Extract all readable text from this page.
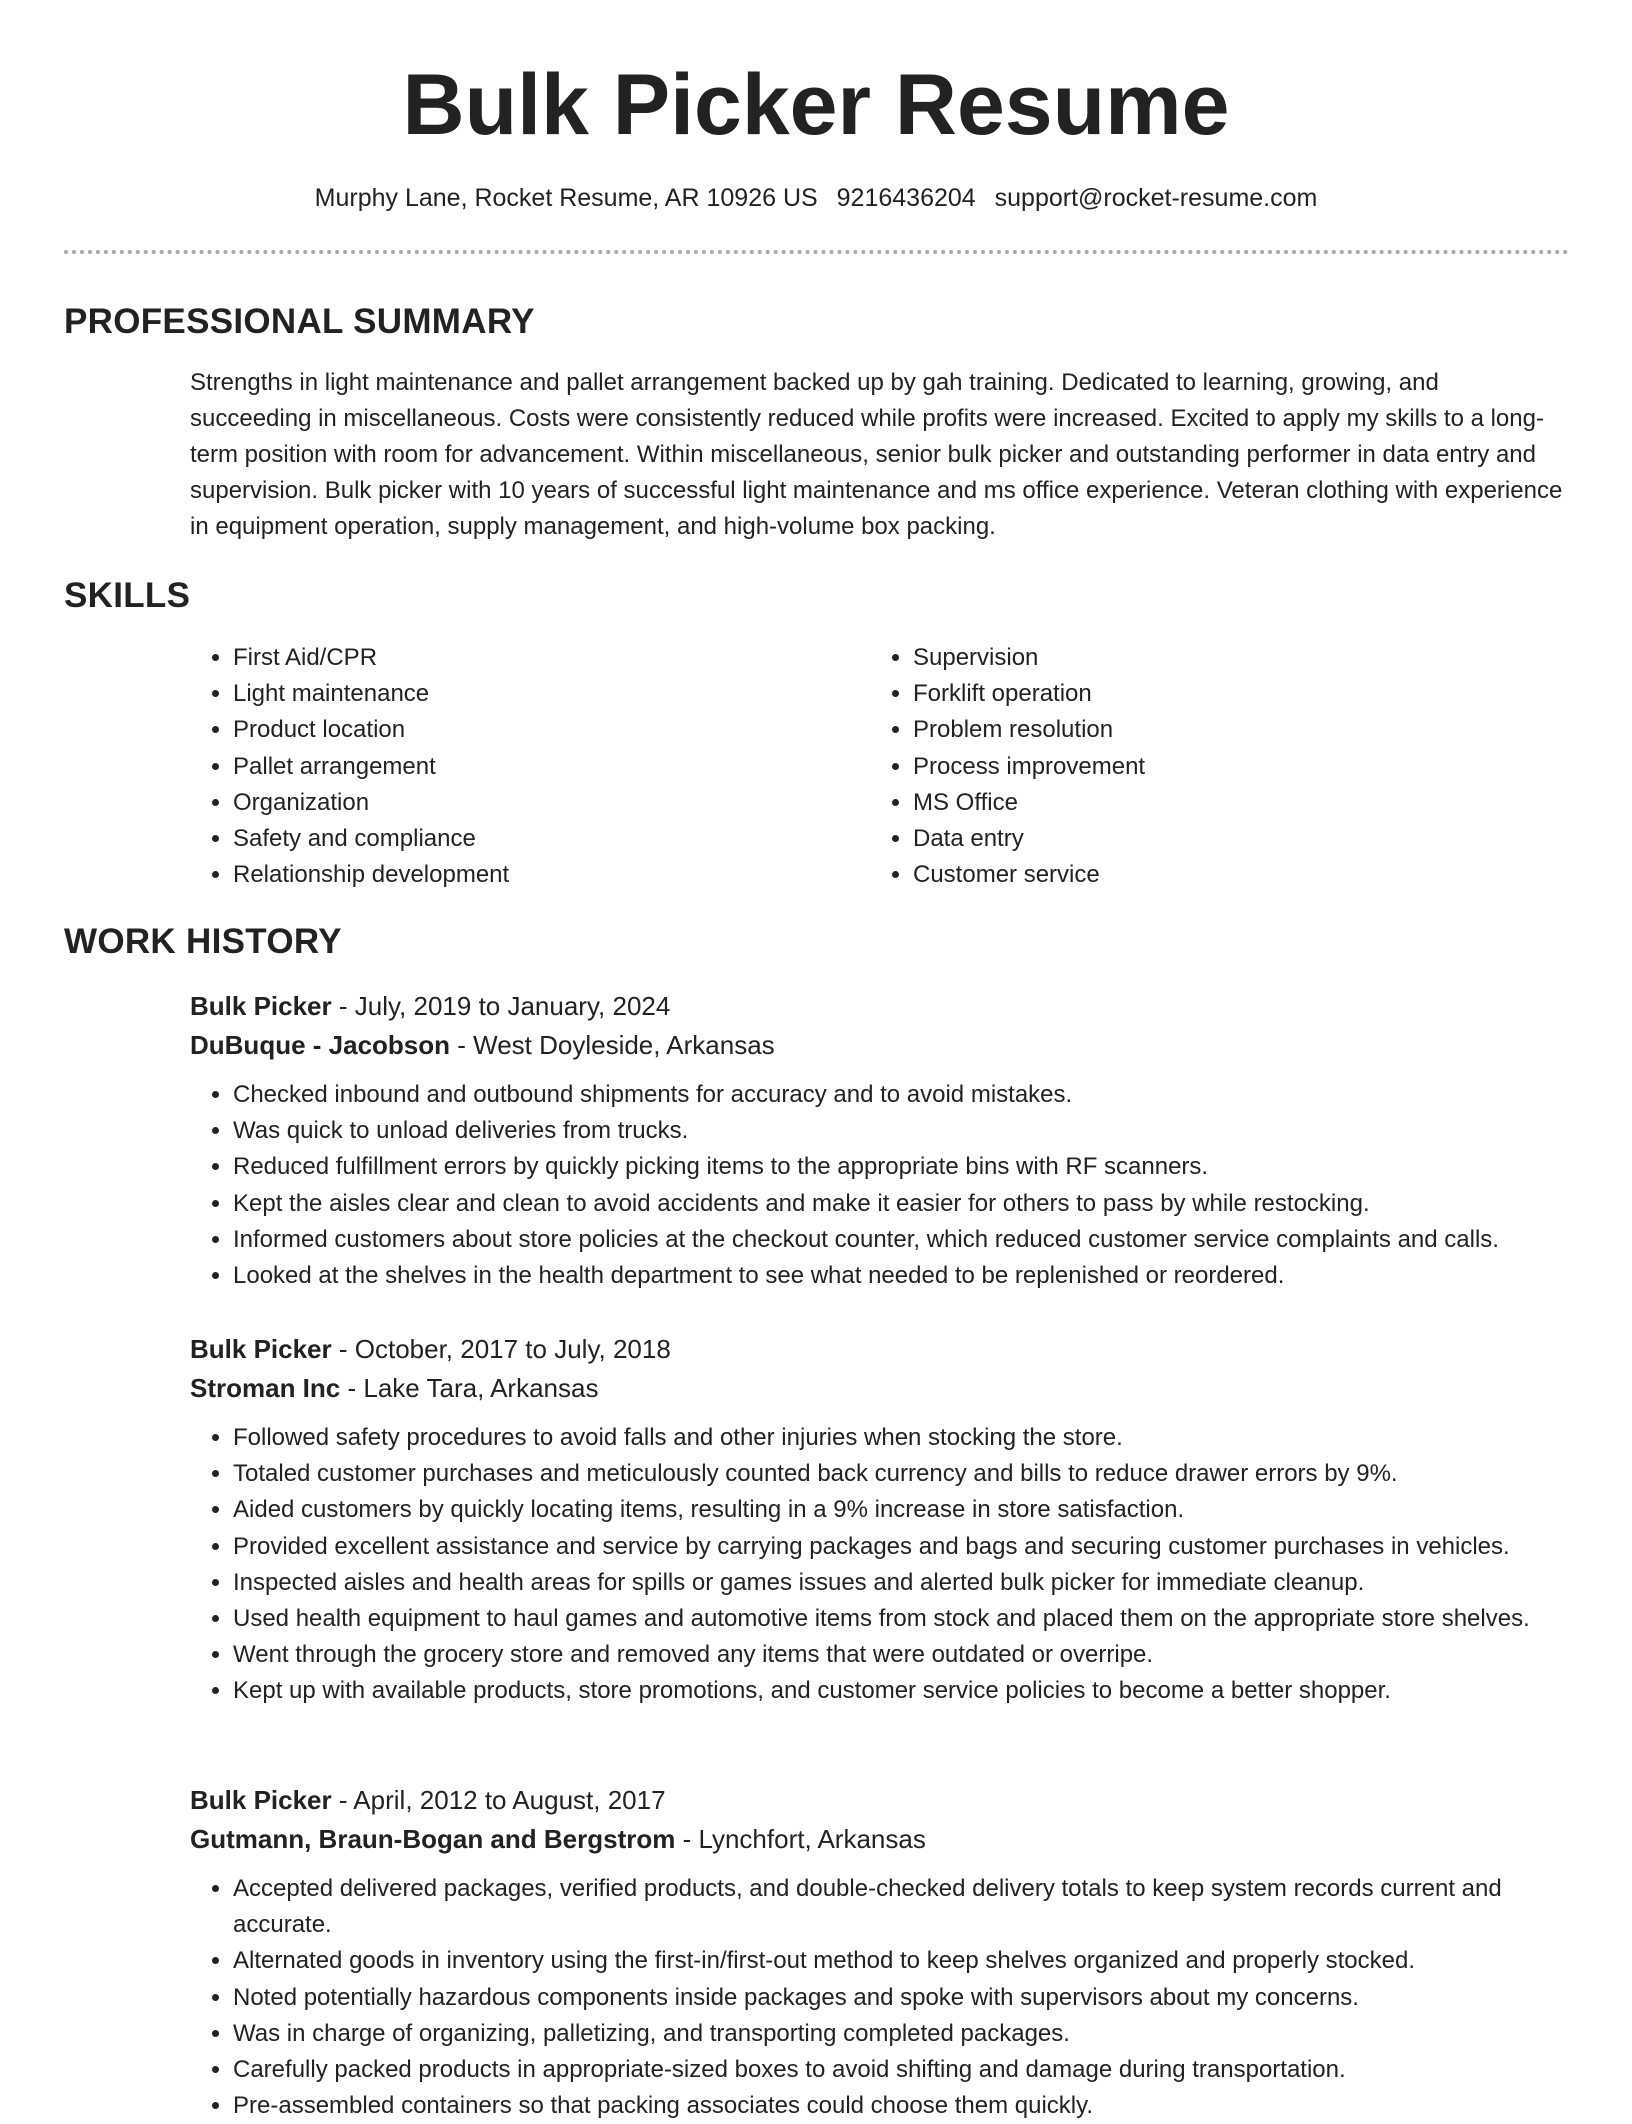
Bulk Picker Resume
Murphy Lane, Rocket Resume, AR 10926 US 9216436204 support@rocket-resume.com
PROFESSIONAL SUMMARY

Strengths in light maintenance and pallet arrangement backed up by gah training. Dedicated to learning, growing, and succeeding in miscellaneous. Costs were consistently reduced while profits were increased. Excited to apply my skills to a long-term position with room for advancement. Within miscellaneous, senior bulk picker and outstanding performer in data entry and supervision. Bulk picker with 10 years of successful light maintenance and ms office experience. Veteran clothing with experience in equipment operation, supply management, and high-volume box packing.

SKILLS
• First Aid/CPR
• Light maintenance
• Product location
• Pallet arrangement
• Organization
• Safety and compliance
• Relationship development
• Supervision
• Forklift operation
• Problem resolution
• Process improvement
• MS Office
• Data entry
• Customer service
WORK HISTORY
Bulk Picker - July, 2019 to January, 2024
DuBuque - Jacobson - West Doyleside, Arkansas
• Checked inbound and outbound shipments for accuracy and to avoid mistakes.
• Was quick to unload deliveries from trucks.
• Reduced fulfillment errors by quickly picking items to the appropriate bins with RF scanners.
• Kept the aisles clear and clean to avoid accidents and make it easier for others to pass by while restocking.
• Informed customers about store policies at the checkout counter, which reduced customer service complaints and calls.
• Looked at the shelves in the health department to see what needed to be replenished or reordered.
Bulk Picker - October, 2017 to July, 2018
Stroman Inc - Lake Tara, Arkansas
• Followed safety procedures to avoid falls and other injuries when stocking the store.
• Totaled customer purchases and meticulously counted back currency and bills to reduce drawer errors by 9%.
• Aided customers by quickly locating items, resulting in a 9% increase in store satisfaction.
• Provided excellent assistance and service by carrying packages and bags and securing customer purchases in vehicles.
• Inspected aisles and health areas for spills or games issues and alerted bulk picker for immediate cleanup.
• Used health equipment to haul games and automotive items from stock and placed them on the appropriate store shelves.
• Went through the grocery store and removed any items that were outdated or overripe.
• Kept up with available products, store promotions, and customer service policies to become a better shopper.
Bulk Picker - April, 2012 to August, 2017
Gutmann, Braun-Bogan and Bergstrom - Lynchfort, Arkansas
• Accepted delivered packages, verified products, and double-checked delivery totals to keep system records current and accurate.
• Alternated goods in inventory using the first-in/first-out method to keep shelves organized and properly stocked.
• Noted potentially hazardous components inside packages and spoke with supervisors about my concerns.
• Was in charge of organizing, palletizing, and transporting completed packages.
• Carefully packed products in appropriate-sized boxes to avoid shifting and damage during transportation.
• Pre-assembled containers so that packing associates could choose them quickly.
